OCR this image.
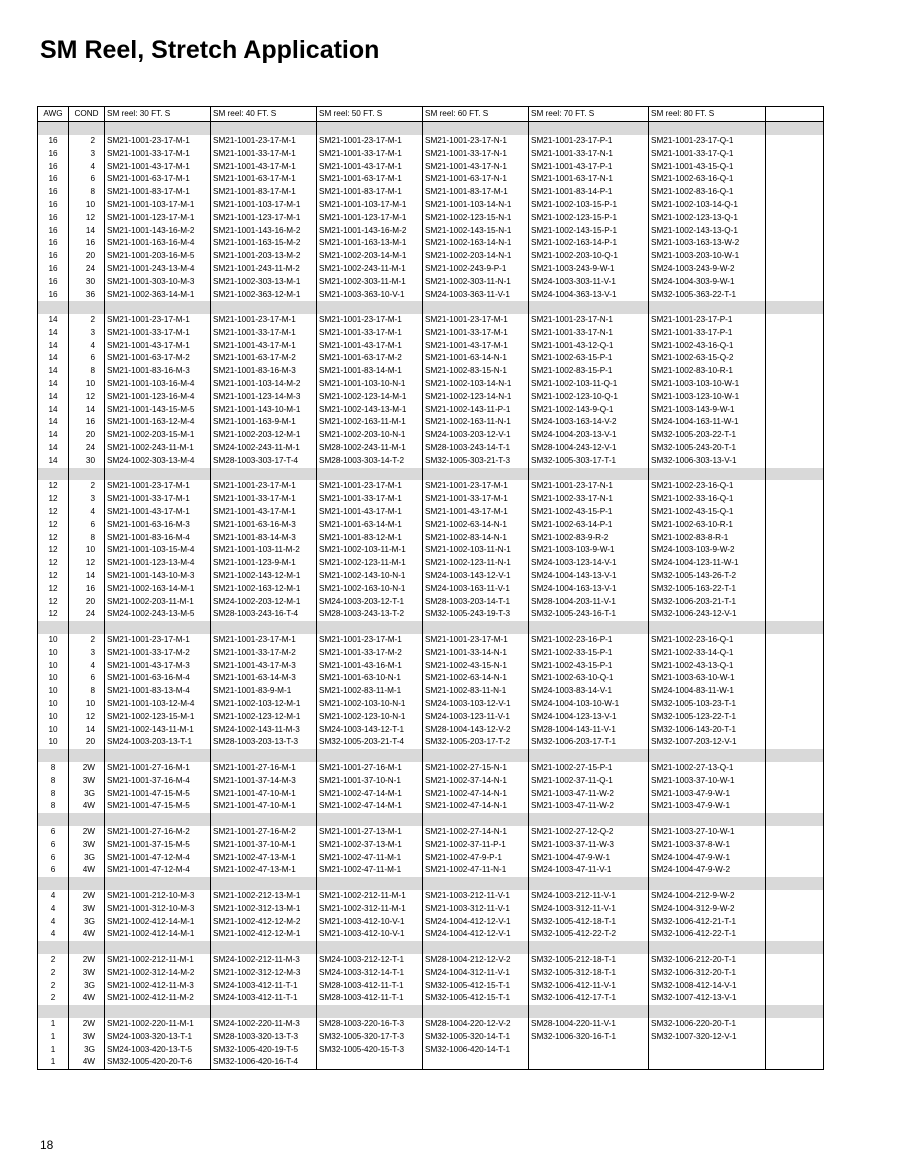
SM Reel, Stretch Application
AWG	COND	SM reel: 30 FT. S	SM reel: 40 FT. S	SM reel: 50 FT. S	SM reel: 60 FT. S	SM reel: 70 FT. S	SM reel: 80 FT. S	

16	2	SM21-1001-23-17-M-1	SM21-1001-23-17-M-1	SM21-1001-23-17-M-1	SM21-1001-23-17-N-1	SM21-1001-23-17-P-1	SM21-1001-23-17-Q-1	
16	3	SM21-1001-33-17-M-1	SM21-1001-33-17-M-1	SM21-1001-33-17-M-1	SM21-1001-33-17-N-1	SM21-1001-33-17-N-1	SM21-1001-33-17-Q-1	
16	4	SM21-1001-43-17-M-1	SM21-1001-43-17-M-1	SM21-1001-43-17-M-1	SM21-1001-43-17-N-1	SM21-1001-43-17-P-1	SM21-1001-43-15-Q-1	
16	6	SM21-1001-63-17-M-1	SM21-1001-63-17-M-1	SM21-1001-63-17-M-1	SM21-1001-63-17-N-1	SM21-1001-63-17-N-1	SM21-1002-63-16-Q-1	
16	8	SM21-1001-83-17-M-1	SM21-1001-83-17-M-1	SM21-1001-83-17-M-1	SM21-1001-83-17-M-1	SM21-1001-83-14-P-1	SM21-1002-83-16-Q-1	
16	10	SM21-1001-103-17-M-1	SM21-1001-103-17-M-1	SM21-1001-103-17-M-1	SM21-1001-103-14-N-1	SM21-1002-103-15-P-1	SM21-1002-103-14-Q-1	
16	12	SM21-1001-123-17-M-1	SM21-1001-123-17-M-1	SM21-1001-123-17-M-1	SM21-1002-123-15-N-1	SM21-1002-123-15-P-1	SM21-1002-123-13-Q-1	
16	14	SM21-1001-143-16-M-2	SM21-1001-143-16-M-2	SM21-1001-143-16-M-2	SM21-1002-143-15-N-1	SM21-1002-143-15-P-1	SM21-1002-143-13-Q-1	
16	16	SM21-1001-163-16-M-4	SM21-1001-163-15-M-2	SM21-1001-163-13-M-1	SM21-1002-163-14-N-1	SM21-1002-163-14-P-1	SM21-1003-163-13-W-2	
16	20	SM21-1001-203-16-M-5	SM21-1001-203-13-M-2	SM21-1002-203-14-M-1	SM21-1002-203-14-N-1	SM21-1002-203-10-Q-1	SM21-1003-203-10-W-1	
16	24	SM21-1001-243-13-M-4	SM21-1001-243-11-M-2	SM21-1002-243-11-M-1	SM21-1002-243-9-P-1	SM21-1003-243-9-W-1	SM24-1003-243-9-W-2	
16	30	SM21-1001-303-10-M-3	SM21-1002-303-13-M-1	SM21-1002-303-11-M-1	SM21-1002-303-11-N-1	SM24-1003-303-11-V-1	SM24-1004-303-9-W-1	
16	36	SM21-1002-363-14-M-1	SM21-1002-363-12-M-1	SM21-1003-363-10-V-1	SM24-1003-363-11-V-1	SM24-1004-363-13-V-1	SM32-1005-363-22-T-1	

14	2	SM21-1001-23-17-M-1	SM21-1001-23-17-M-1	SM21-1001-23-17-M-1	SM21-1001-23-17-M-1	SM21-1001-23-17-N-1	SM21-1001-23-17-P-1	
14	3	SM21-1001-33-17-M-1	SM21-1001-33-17-M-1	SM21-1001-33-17-M-1	SM21-1001-33-17-M-1	SM21-1001-33-17-N-1	SM21-1001-33-17-P-1	
14	4	SM21-1001-43-17-M-1	SM21-1001-43-17-M-1	SM21-1001-43-17-M-1	SM21-1001-43-17-M-1	SM21-1001-43-12-Q-1	SM21-1002-43-16-Q-1	
14	6	SM21-1001-63-17-M-2	SM21-1001-63-17-M-2	SM21-1001-63-17-M-2	SM21-1001-63-14-N-1	SM21-1002-63-15-P-1	SM21-1002-63-15-Q-2	
14	8	SM21-1001-83-16-M-3	SM21-1001-83-16-M-3	SM21-1001-83-14-M-1	SM21-1002-83-15-N-1	SM21-1002-83-15-P-1	SM21-1002-83-10-R-1	
14	10	SM21-1001-103-16-M-4	SM21-1001-103-14-M-2	SM21-1001-103-10-N-1	SM21-1002-103-14-N-1	SM21-1002-103-11-Q-1	SM21-1003-103-10-W-1	
14	12	SM21-1001-123-16-M-4	SM21-1001-123-14-M-3	SM21-1002-123-14-M-1	SM21-1002-123-14-N-1	SM21-1002-123-10-Q-1	SM21-1003-123-10-W-1	
14	14	SM21-1001-143-15-M-5	SM21-1001-143-10-M-1	SM21-1002-143-13-M-1	SM21-1002-143-11-P-1	SM21-1002-143-9-Q-1	SM21-1003-143-9-W-1	
14	16	SM21-1001-163-12-M-4	SM21-1001-163-9-M-1	SM21-1002-163-11-M-1	SM21-1002-163-11-N-1	SM24-1003-163-14-V-2	SM24-1004-163-11-W-1	
14	20	SM21-1002-203-15-M-1	SM21-1002-203-12-M-1	SM21-1002-203-10-N-1	SM24-1003-203-12-V-1	SM24-1004-203-13-V-1	SM32-1005-203-22-T-1	
14	24	SM21-1002-243-11-M-1	SM24-1002-243-11-M-1	SM28-1002-243-11-M-1	SM28-1003-243-14-T-1	SM28-1004-243-12-V-1	SM32-1005-243-20-T-1	
14	30	SM24-1002-303-13-M-4	SM28-1003-303-17-T-4	SM28-1003-303-14-T-2	SM32-1005-303-21-T-3	SM32-1005-303-17-T-1	SM32-1006-303-13-V-1	

12	2	SM21-1001-23-17-M-1	SM21-1001-23-17-M-1	SM21-1001-23-17-M-1	SM21-1001-23-17-M-1	SM21-1001-23-17-N-1	SM21-1002-23-16-Q-1	
12	3	SM21-1001-33-17-M-1	SM21-1001-33-17-M-1	SM21-1001-33-17-M-1	SM21-1001-33-17-M-1	SM21-1002-33-17-N-1	SM21-1002-33-16-Q-1	
12	4	SM21-1001-43-17-M-1	SM21-1001-43-17-M-1	SM21-1001-43-17-M-1	SM21-1001-43-17-M-1	SM21-1002-43-15-P-1	SM21-1002-43-15-Q-1	
12	6	SM21-1001-63-16-M-3	SM21-1001-63-16-M-3	SM21-1001-63-14-M-1	SM21-1002-63-14-N-1	SM21-1002-63-14-P-1	SM21-1002-63-10-R-1	
12	8	SM21-1001-83-16-M-4	SM21-1001-83-14-M-3	SM21-1001-83-12-M-1	SM21-1002-83-14-N-1	SM21-1002-83-9-R-2	SM21-1002-83-8-R-1	
12	10	SM21-1001-103-15-M-4	SM21-1001-103-11-M-2	SM21-1002-103-11-M-1	SM21-1002-103-11-N-1	SM21-1003-103-9-W-1	SM24-1003-103-9-W-2	
12	12	SM21-1001-123-13-M-4	SM21-1001-123-9-M-1	SM21-1002-123-11-M-1	SM21-1002-123-11-N-1	SM24-1003-123-14-V-1	SM24-1004-123-11-W-1	
12	14	SM21-1001-143-10-M-3	SM21-1002-143-12-M-1	SM21-1002-143-10-N-1	SM24-1003-143-12-V-1	SM24-1004-143-13-V-1	SM32-1005-143-26-T-2	
12	16	SM21-1002-163-14-M-1	SM21-1002-163-12-M-1	SM21-1002-163-10-N-1	SM24-1003-163-11-V-1	SM24-1004-163-13-V-1	SM32-1005-163-22-T-1	
12	20	SM21-1002-203-11-M-1	SM24-1002-203-12-M-1	SM24-1003-203-12-T-1	SM28-1003-203-14-T-1	SM28-1004-203-11-V-1	SM32-1006-203-21-T-1	
12	24	SM24-1002-243-13-M-5	SM28-1003-243-16-T-4	SM28-1003-243-13-T-2	SM32-1005-243-19-T-3	SM32-1005-243-16-T-1	SM32-1006-243-12-V-1	

10	2	SM21-1001-23-17-M-1	SM21-1001-23-17-M-1	SM21-1001-23-17-M-1	SM21-1001-23-17-M-1	SM21-1002-23-16-P-1	SM21-1002-23-16-Q-1	
10	3	SM21-1001-33-17-M-2	SM21-1001-33-17-M-2	SM21-1001-33-17-M-2	SM21-1001-33-14-N-1	SM21-1002-33-15-P-1	SM21-1002-33-14-Q-1	
10	4	SM21-1001-43-17-M-3	SM21-1001-43-17-M-3	SM21-1001-43-16-M-1	SM21-1002-43-15-N-1	SM21-1002-43-15-P-1	SM21-1002-43-13-Q-1	
10	6	SM21-1001-63-16-M-4	SM21-1001-63-14-M-3	SM21-1001-63-10-N-1	SM21-1002-63-14-N-1	SM21-1002-63-10-Q-1	SM21-1003-63-10-W-1	
10	8	SM21-1001-83-13-M-4	SM21-1001-83-9-M-1	SM21-1002-83-11-M-1	SM21-1002-83-11-N-1	SM24-1003-83-14-V-1	SM24-1004-83-11-W-1	
10	10	SM21-1001-103-12-M-4	SM21-1002-103-12-M-1	SM21-1002-103-10-N-1	SM24-1003-103-12-V-1	SM24-1004-103-10-W-1	SM32-1005-103-23-T-1	
10	12	SM21-1002-123-15-M-1	SM21-1002-123-12-M-1	SM21-1002-123-10-N-1	SM24-1003-123-11-V-1	SM24-1004-123-13-V-1	SM32-1005-123-22-T-1	
10	14	SM21-1002-143-11-M-1	SM24-1002-143-11-M-3	SM24-1003-143-12-T-1	SM28-1004-143-12-V-2	SM28-1004-143-11-V-1	SM32-1006-143-20-T-1	
10	20	SM24-1003-203-13-T-1	SM28-1003-203-13-T-3	SM32-1005-203-21-T-4	SM32-1005-203-17-T-2	SM32-1006-203-17-T-1	SM32-1007-203-12-V-1	

8	2W	SM21-1001-27-16-M-1	SM21-1001-27-16-M-1	SM21-1001-27-16-M-1	SM21-1002-27-15-N-1	SM21-1002-27-15-P-1	SM21-1002-27-13-Q-1	
8	3W	SM21-1001-37-16-M-4	SM21-1001-37-14-M-3	SM21-1001-37-10-N-1	SM21-1002-37-14-N-1	SM21-1002-37-11-Q-1	SM21-1003-37-10-W-1	
8	3G	SM21-1001-47-15-M-5	SM21-1001-47-10-M-1	SM21-1002-47-14-M-1	SM21-1002-47-14-N-1	SM21-1003-47-11-W-2	SM21-1003-47-9-W-1	
8	4W	SM21-1001-47-15-M-5	SM21-1001-47-10-M-1	SM21-1002-47-14-M-1	SM21-1002-47-14-N-1	SM21-1003-47-11-W-2	SM21-1003-47-9-W-1	

6	2W	SM21-1001-27-16-M-2	SM21-1001-27-16-M-2	SM21-1001-27-13-M-1	SM21-1002-27-14-N-1	SM21-1002-27-12-Q-2	SM21-1003-27-10-W-1	
6	3W	SM21-1001-37-15-M-5	SM21-1001-37-10-M-1	SM21-1002-37-13-M-1	SM21-1002-37-11-P-1	SM21-1003-37-11-W-3	SM21-1003-37-8-W-1	
6	3G	SM21-1001-47-12-M-4	SM21-1002-47-13-M-1	SM21-1002-47-11-M-1	SM21-1002-47-9-P-1	SM21-1004-47-9-W-1	SM24-1004-47-9-W-1	
6	4W	SM21-1001-47-12-M-4	SM21-1002-47-13-M-1	SM21-1002-47-11-M-1	SM21-1002-47-11-N-1	SM24-1003-47-11-V-1	SM24-1004-47-9-W-2	

4	2W	SM21-1001-212-10-M-3	SM21-1002-212-13-M-1	SM21-1002-212-11-M-1	SM21-1003-212-11-V-1	SM24-1003-212-11-V-1	SM24-1004-212-9-W-2	
4	3W	SM21-1001-312-10-M-3	SM21-1002-312-13-M-1	SM21-1002-312-11-M-1	SM21-1003-312-11-V-1	SM24-1003-312-11-V-1	SM24-1004-312-9-W-2	
4	3G	SM21-1002-412-14-M-1	SM21-1002-412-12-M-2	SM21-1003-412-10-V-1	SM24-1004-412-12-V-1	SM32-1005-412-18-T-1	SM32-1006-412-21-T-1	
4	4W	SM21-1002-412-14-M-1	SM21-1002-412-12-M-1	SM21-1003-412-10-V-1	SM24-1004-412-12-V-1	SM32-1005-412-22-T-2	SM32-1006-412-22-T-1	

2	2W	SM21-1002-212-11-M-1	SM24-1002-212-11-M-3	SM24-1003-212-12-T-1	SM28-1004-212-12-V-2	SM32-1005-212-18-T-1	SM32-1006-212-20-T-1	
2	3W	SM21-1002-312-14-M-2	SM21-1002-312-12-M-3	SM24-1003-312-14-T-1	SM24-1004-312-11-V-1	SM32-1005-312-18-T-1	SM32-1006-312-20-T-1	
2	3G	SM21-1002-412-11-M-3	SM24-1003-412-11-T-1	SM28-1003-412-11-T-1	SM32-1005-412-15-T-1	SM32-1006-412-11-V-1	SM32-1008-412-14-V-1	
2	4W	SM21-1002-412-11-M-2	SM24-1003-412-11-T-1	SM28-1003-412-11-T-1	SM32-1005-412-15-T-1	SM32-1006-412-17-T-1	SM32-1007-412-13-V-1	

1	2W	SM21-1002-220-11-M-1	SM24-1002-220-11-M-3	SM28-1003-220-16-T-3	SM28-1004-220-12-V-2	SM28-1004-220-11-V-1	SM32-1006-220-20-T-1	
1	3W	SM24-1003-320-13-T-1	SM28-1003-320-13-T-3	SM32-1005-320-17-T-3	SM32-1005-320-14-T-1	SM32-1006-320-16-T-1	SM32-1007-320-12-V-1	
1	3G	SM24-1003-420-13-T-5	SM32-1005-420-19-T-5	SM32-1005-420-15-T-3	SM32-1006-420-14-T-1			
1	4W	SM32-1005-420-20-T-6	SM32-1006-420-16-T-4					
18
